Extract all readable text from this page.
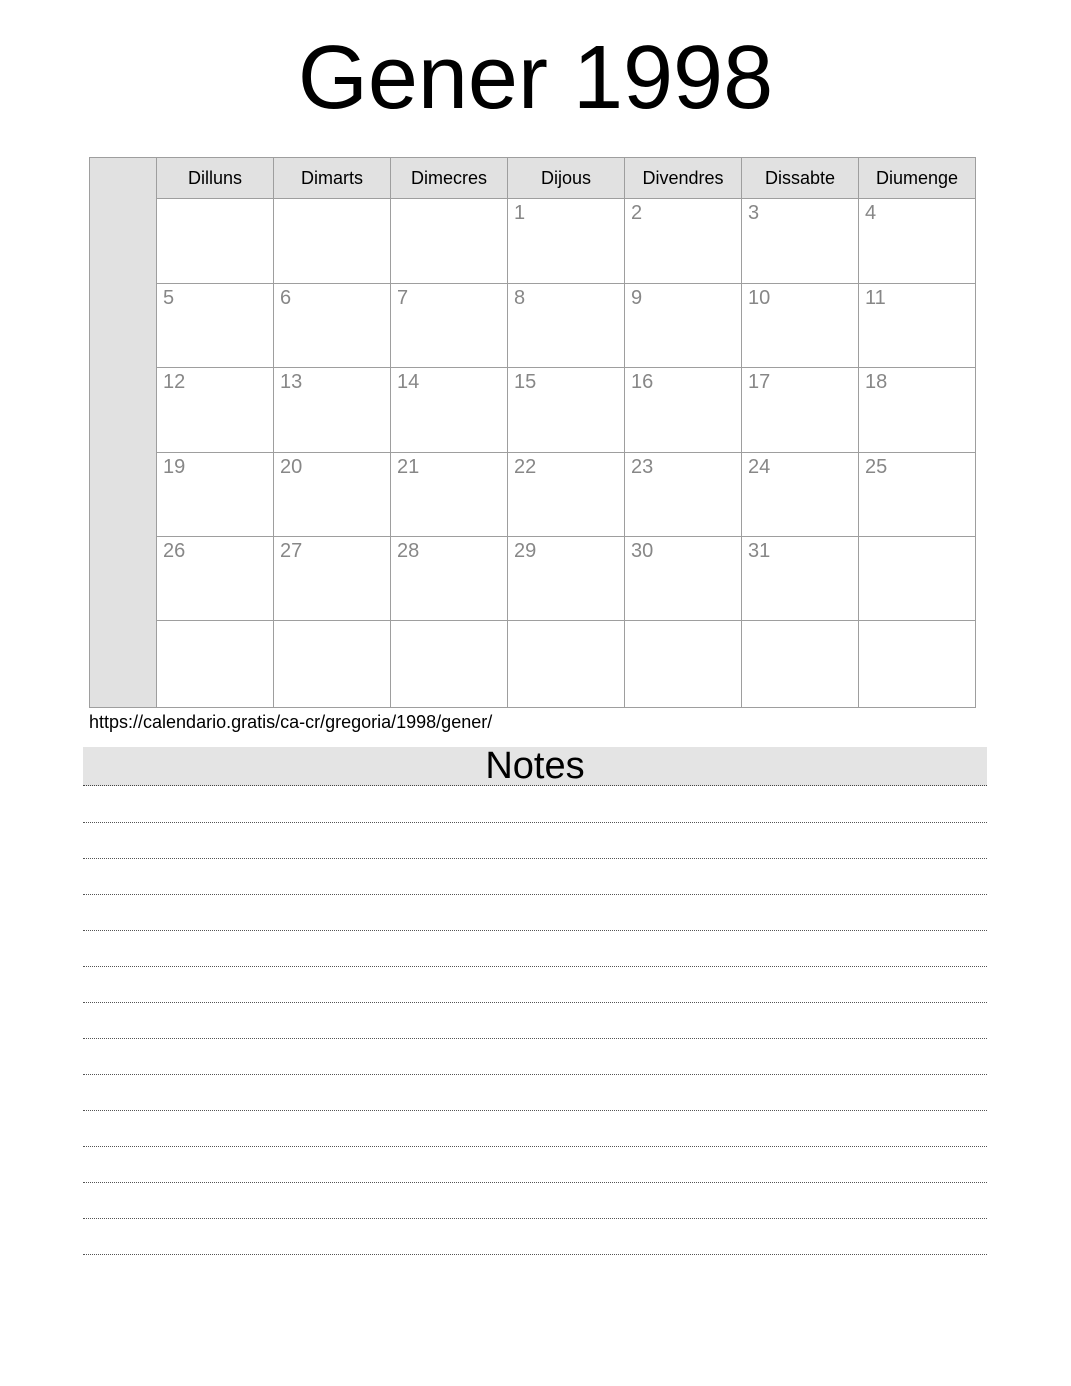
Gener 1998
	Dilluns	Dimarts	Dimecres	Dijous	Divendres	Dissabte	Diumenge
				1	2	3	4
	5	6	7	8	9	10	11
	12	13	14	15	16	17	18
	19	20	21	22	23	24	25
	26	27	28	29	30	31	

https://calendario.gratis/ca-cr/gregoria/1998/gener/
Notes
